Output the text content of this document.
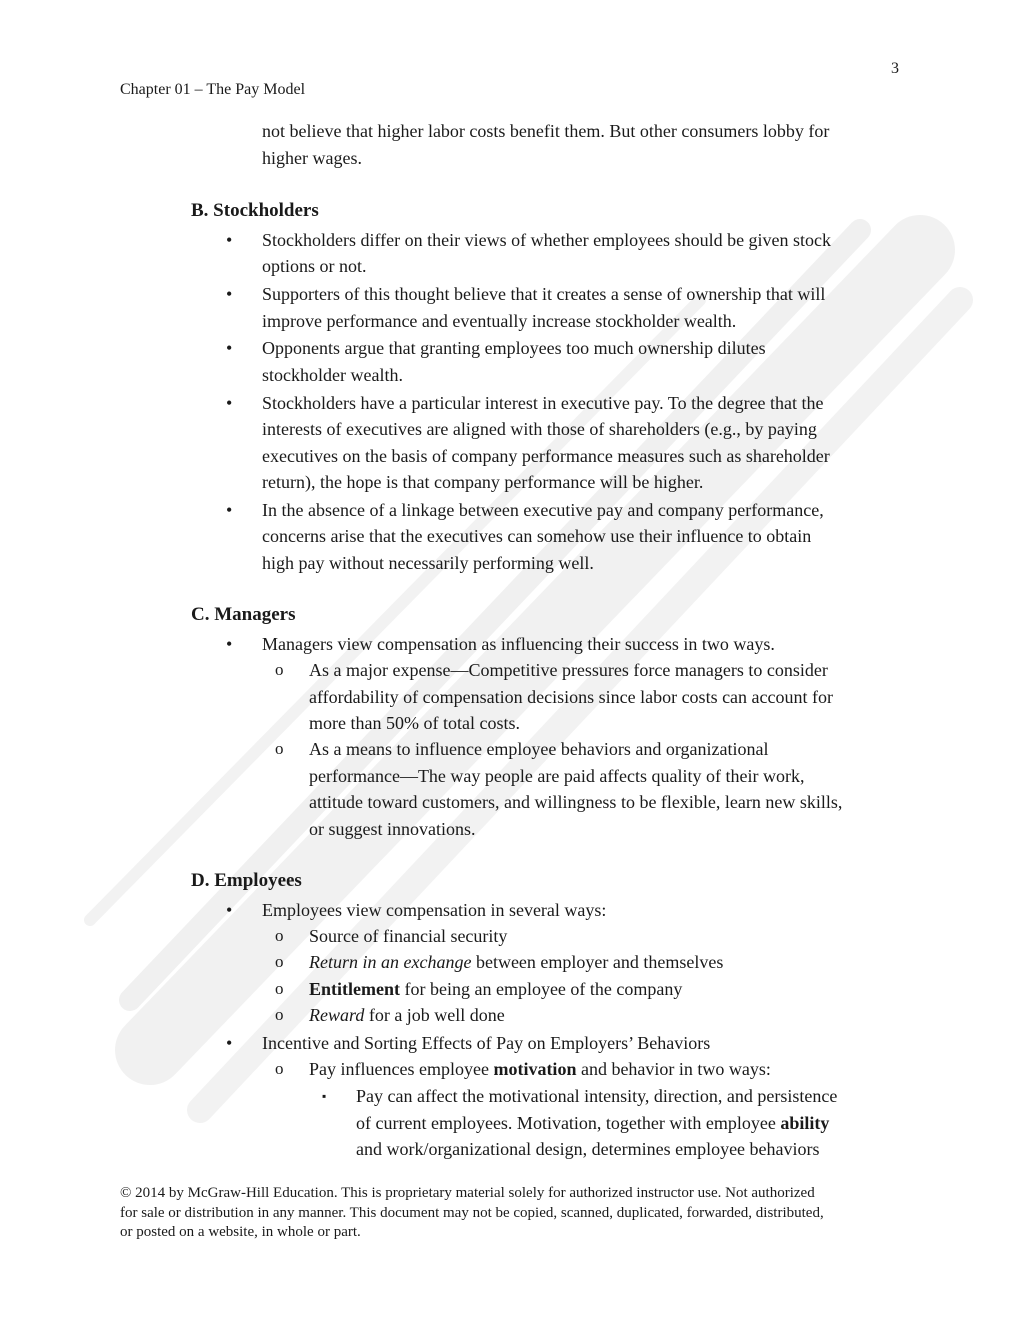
3
Chapter 01 – The Pay Model
not believe that higher labor costs benefit them. But other consumers lobby for
higher wages.
B. Stockholders
• Stockholders differ on their views of whether employees should be given stock
options or not.
• Supporters of this thought believe that it creates a sense of ownership that will
improve performance and eventually increase stockholder wealth.
• Opponents argue that granting employees too much ownership dilutes
stockholder wealth.
• Stockholders have a particular interest in executive pay. To the degree that the
interests of executives are aligned with those of shareholders (e.g., by paying
executives on the basis of company performance measures such as shareholder
return), the hope is that company performance will be higher.
• In the absence of a linkage between executive pay and company performance,
concerns arise that the executives can somehow use their influence to obtain
high pay without necessarily performing well.
C. Managers
• Managers view compensation as influencing their success in two ways.
o As a major expense—Competitive pressures force managers to consider
affordability of compensation decisions since labor costs can account for
more than 50% of total costs.
o As a means to influence employee behaviors and organizational
performance—The way people are paid affects quality of their work,
attitude toward customers, and willingness to be flexible, learn new skills,
or suggest innovations.
D. Employees
• Employees view compensation in several ways:
o Source of financial security
o Return in an exchange between employer and themselves
o Entitlement for being an employee of the company
o Reward for a job well done
• Incentive and Sorting Effects of Pay on Employers’ Behaviors
o Pay influences employee motivation and behavior in two ways:
▪ Pay can affect the motivational intensity, direction, and persistence
of current employees. Motivation, together with employee ability
and work/organizational design, determines employee behaviors
© 2014 by McGraw-Hill Education. This is proprietary material solely for authorized instructor use. Not authorized
for sale or distribution in any manner. This document may not be copied, scanned, duplicated, forwarded, distributed,
or posted on a website, in whole or part.
